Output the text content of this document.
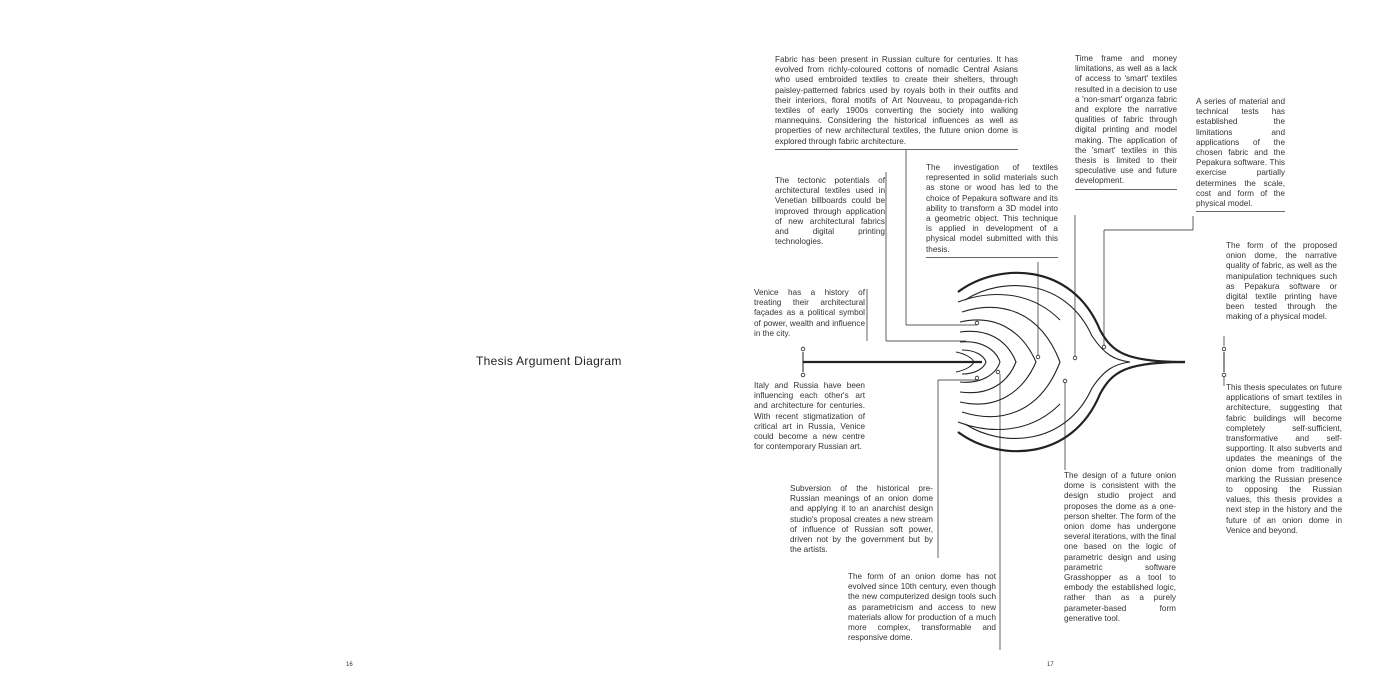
Thesis Argument Diagram
16	17

Fabric has been present in Russian culture for centuries. It has evolved from richly-coloured cottons of nomadic Central Asians who used embroided textiles to create their shelters, through paisley-patterned fabrics used by royals both in their outfits and their interiors, floral motifs of Art Nouveau, to propaganda-rich textiles of early 1900s converting the society into walking mannequins. Considering the historical influences as well as properties of new architectural textiles, the future onion dome is explored through fabric architecture.

The tectonic potentials of architectural textiles used in Venetian billboards could be improved through application of new architectural fabrics and digital printing technologies.

The investigation of textiles represented in solid materials such as stone or wood has led to the choice of Pepakura software and its ability to transform a 3D model into a geometric object. This technique is applied in development of a physical model submitted with this thesis.

Time frame and money limitations, as well as a lack of access to 'smart' textiles resulted in a decision to use a 'non-smart' organza fabric and explore the narrative qualities of fabric through digital printing and model making. The application of the 'smart' textiles in this thesis is limited to their speculative use and future development.

A series of material and technical tests has established the limitations and applications of the chosen fabric and the Pepakura software. This exercise partially determines the scale, cost and form of the physical model.

The form of the proposed onion dome, the narrative quality of fabric, as well as the manipulation techniques such as Pepakura software or digital textile printing have been tested through the making of a physical model.

Venice has a history of treating their architectural façades as a political symbol of power, wealth and influence in the city.

Italy and Russia have been influencing each other's art and architecture for centuries. With recent stigmatization of critical art in Russia, Venice could become a new centre for contemporary Russian art.

Subversion of the historical pre-Russian meanings of an onion dome and applying it to an anarchist design studio's proposal creates a new stream of influence of Russian soft power, driven not by the government but by the artists.

The form of an onion dome has not evolved since 10th century, even though the new computerized design tools such as parametricism and access to new materials allow for production of a much more complex, transformable and responsive dome.

The design of a future onion dome is consistent with the design studio project and proposes the dome as a one-person shelter. The form of the onion dome has undergone several iterations, with the final one based on the logic of parametric design and using parametric software Grasshopper as a tool to embody the established logic, rather than as a purely parameter-based form generative tool.

This thesis speculates on future applications of smart textiles in architecture, suggesting that fabric buildings will become completely self-sufficient, transformative and self-supporting. It also subverts and updates the meanings of the onion dome from traditionally marking the Russian presence to opposing the Russian values, this thesis provides a next step in the history and the future of an onion dome in Venice and beyond.
